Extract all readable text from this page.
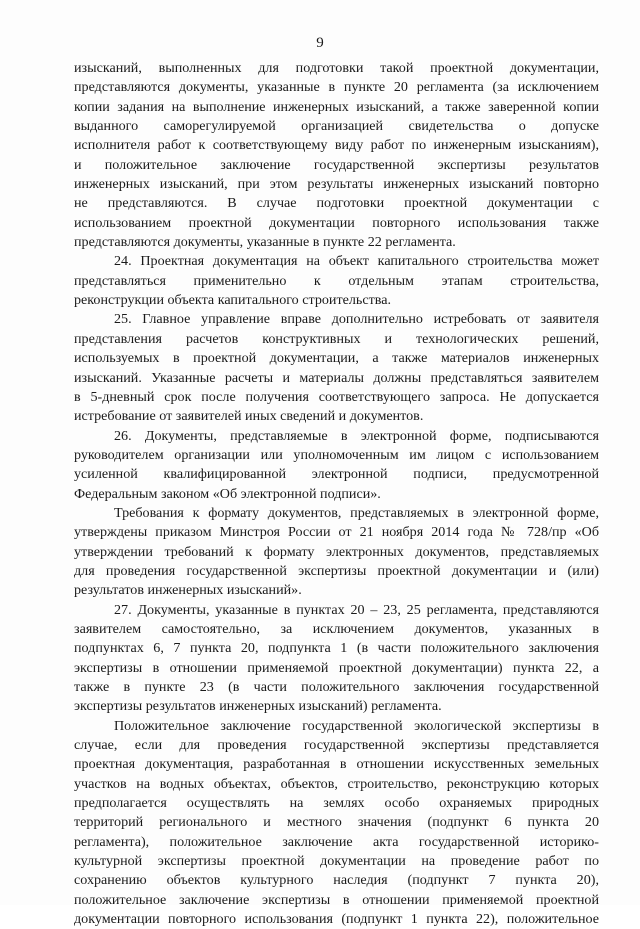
9
изысканий, выполненных для подготовки такой проектной документации,
представляются документы, указанные в пункте 20 регламента (за исключением
копии задания на выполнение инженерных изысканий, а также заверенной копии
выданного саморегулируемой организацией свидетельства о допуске
исполнителя работ к соответствующему виду работ по инженерным изысканиям),
и положительное заключение государственной экспертизы результатов
инженерных изысканий, при этом результаты инженерных изысканий повторно
не представляются. В случае подготовки проектной документации с
использованием проектной документации повторного использования также
представляются документы, указанные в пункте 22 регламента.
24. Проектная документация на объект капитального строительства может
представляться применительно к отдельным этапам строительства,
реконструкции объекта капитального строительства.
25. Главное управление вправе дополнительно истребовать от заявителя
представления расчетов конструктивных и технологических решений,
используемых в проектной документации, а также материалов инженерных
изысканий. Указанные расчеты и материалы должны представляться заявителем
в 5-дневный срок после получения соответствующего запроса. Не допускается
истребование от заявителей иных сведений и документов.
26. Документы, представляемые в электронной форме, подписываются
руководителем организации или уполномоченным им лицом с использованием
усиленной квалифицированной электронной подписи, предусмотренной
Федеральным законом «Об электронной подписи».
Требования к формату документов, представляемых в электронной форме,
утверждены приказом Минстроя России от 21 ноября 2014 года № 728/пр «Об
утверждении требований к формату электронных документов, представляемых
для проведения государственной экспертизы проектной документации и (или)
результатов инженерных изысканий».
27. Документы, указанные в пунктах 20 – 23, 25 регламента, представляются
заявителем самостоятельно, за исключением документов, указанных в
подпунктах 6, 7 пункта 20, подпункта 1 (в части положительного заключения
экспертизы в отношении применяемой проектной документации) пункта 22, а
также в пункте 23 (в части положительного заключения государственной
экспертизы результатов инженерных изысканий) регламента.
Положительное заключение государственной экологической экспертизы в
случае, если для проведения государственной экспертизы представляется
проектная документация, разработанная в отношении искусственных земельных
участков на водных объектах, объектов, строительство, реконструкцию которых
предполагается осуществлять на землях особо охраняемых природных
территорий регионального и местного значения (подпункт 6 пункта 20
регламента), положительное заключение акта государственной историко-
культурной экспертизы проектной документации на проведение работ по
сохранению объектов культурного наследия (подпункт 7 пункта 20),
положительное заключение экспертизы в отношении применяемой проектной
документации повторного использования (подпункт 1 пункта 22), положительное
